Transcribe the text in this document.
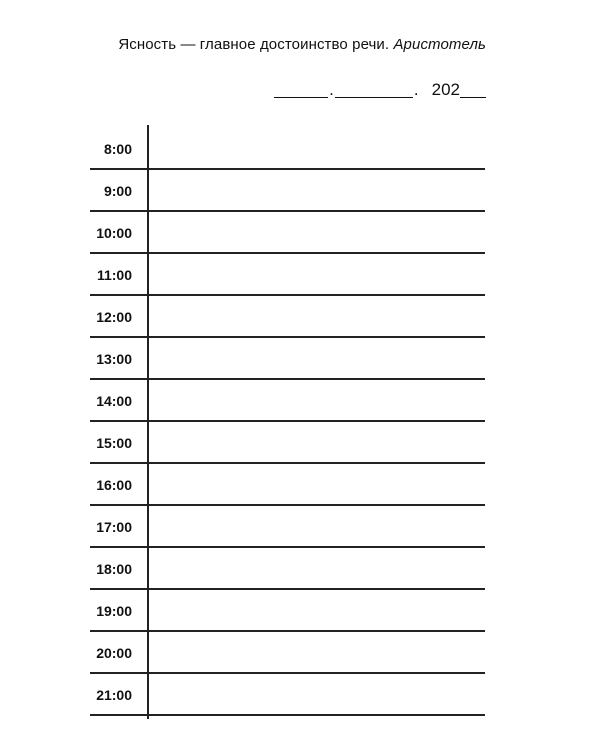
Ясность — главное достоинство речи. Аристотель
.	. 202
8:00
9:00
10:00
11:00
12:00
13:00
14:00
15:00
16:00
17:00
18:00
19:00
20:00
21:00
